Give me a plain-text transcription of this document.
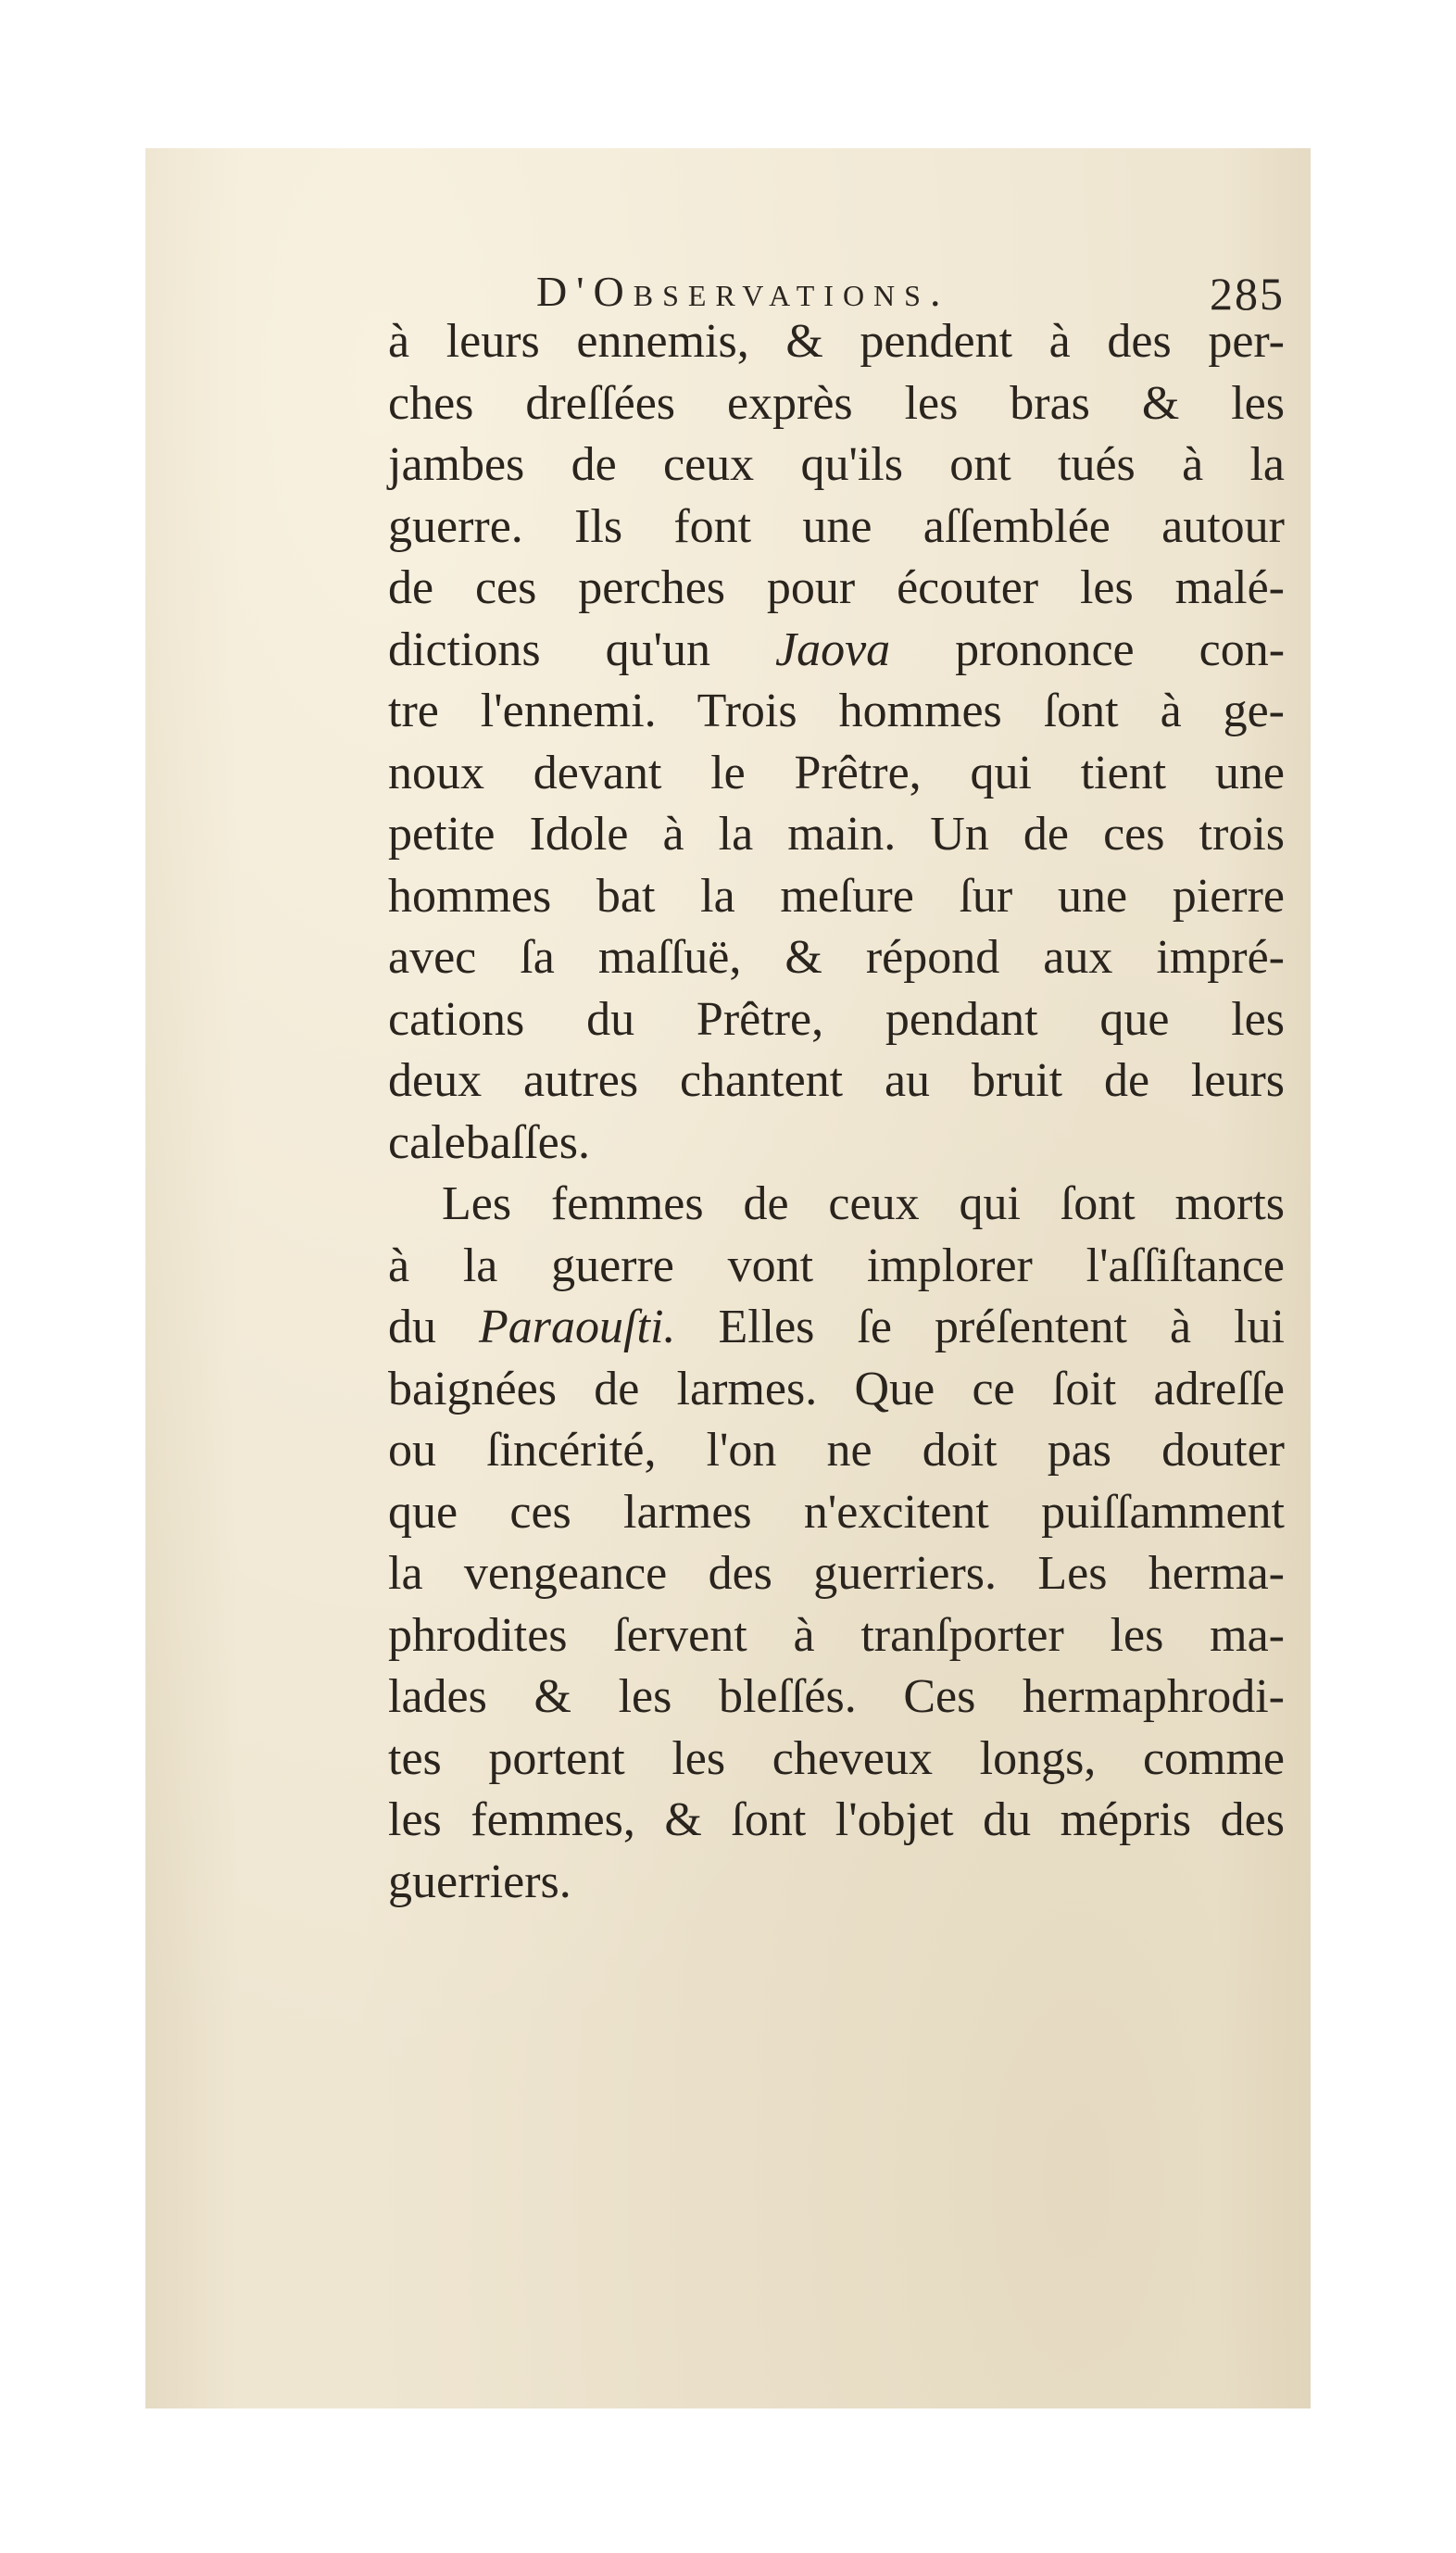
D'Observations.	285
à leurs ennemis, & pendent à des per-
ches dreſſées exprès les bras & les
jambes de ceux qu'ils ont tués à la
guerre. Ils font une aſſemblée autour
de ces perches pour écouter les malé-
dictions qu'un Jaova prononce con-
tre l'ennemi. Trois hommes ſont à ge-
noux devant le Prêtre, qui tient une
petite Idole à la main. Un de ces trois
hommes bat la meſure ſur une pierre
avec ſa maſſuë, & répond aux impré-
cations du Prêtre, pendant que les
deux autres chantent au bruit de leurs
calebaſſes.
Les femmes de ceux qui ſont morts
à la guerre vont implorer l'aſſiſtance
du Paraouſti. Elles ſe préſentent à lui
baignées de larmes. Que ce ſoit adreſſe
ou ſincérité, l'on ne doit pas douter
que ces larmes n'excitent puiſſamment
la vengeance des guerriers. Les herma-
phrodites ſervent à tranſporter les ma-
lades & les bleſſés. Ces hermaphrodi-
tes portent les cheveux longs, comme
les femmes, & ſont l'objet du mépris des
guerriers.
